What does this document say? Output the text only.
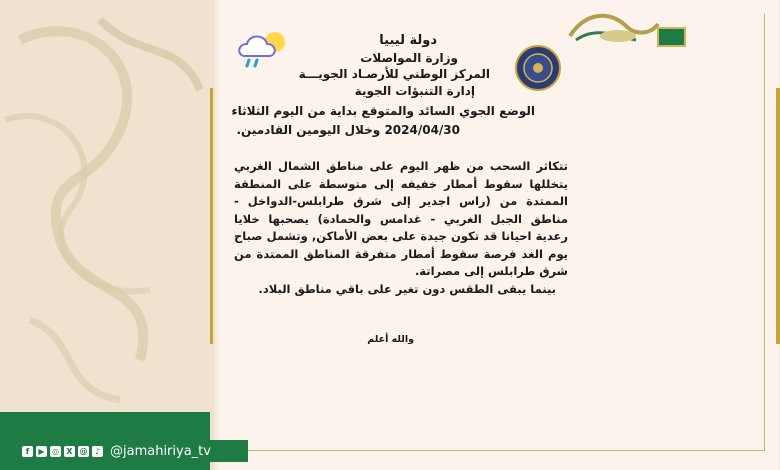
دولة ليبيا
وزارة المواصلات
المركز الوطني للأرصـاد الجويـــة
إدارة التنبؤات الجوية
الوضع الجوي السائد والمتوقع بداية من اليوم الثلاثاء
2024/04/30 وخلال اليومين القادمين.
تتكاثر السحب من ظهر اليوم على مناطق الشمال الغربي يتخللها سقوط أمطار خفيفه إلى متوسطة على المنطقة الممتدة من (راس اجدير إلى شرق طرابلس-الدواخل - مناطق الجبل الغربي - غدامس والحمادة) يصحبها خلايا رعدية احيانا قد تكون جيدة على بعض الأماكن, وتشمل صباح يوم الغد فرصة سقوط أمطار متفرقة المناطق الممتدة من شرق طرابلس إلى مصراتة.
بينما يبقى الطقس دون تغير على باقي مناطق البلاد.
والله أعلم
f	▶ ◎ X @ ♪ @jamahiriya_tv
